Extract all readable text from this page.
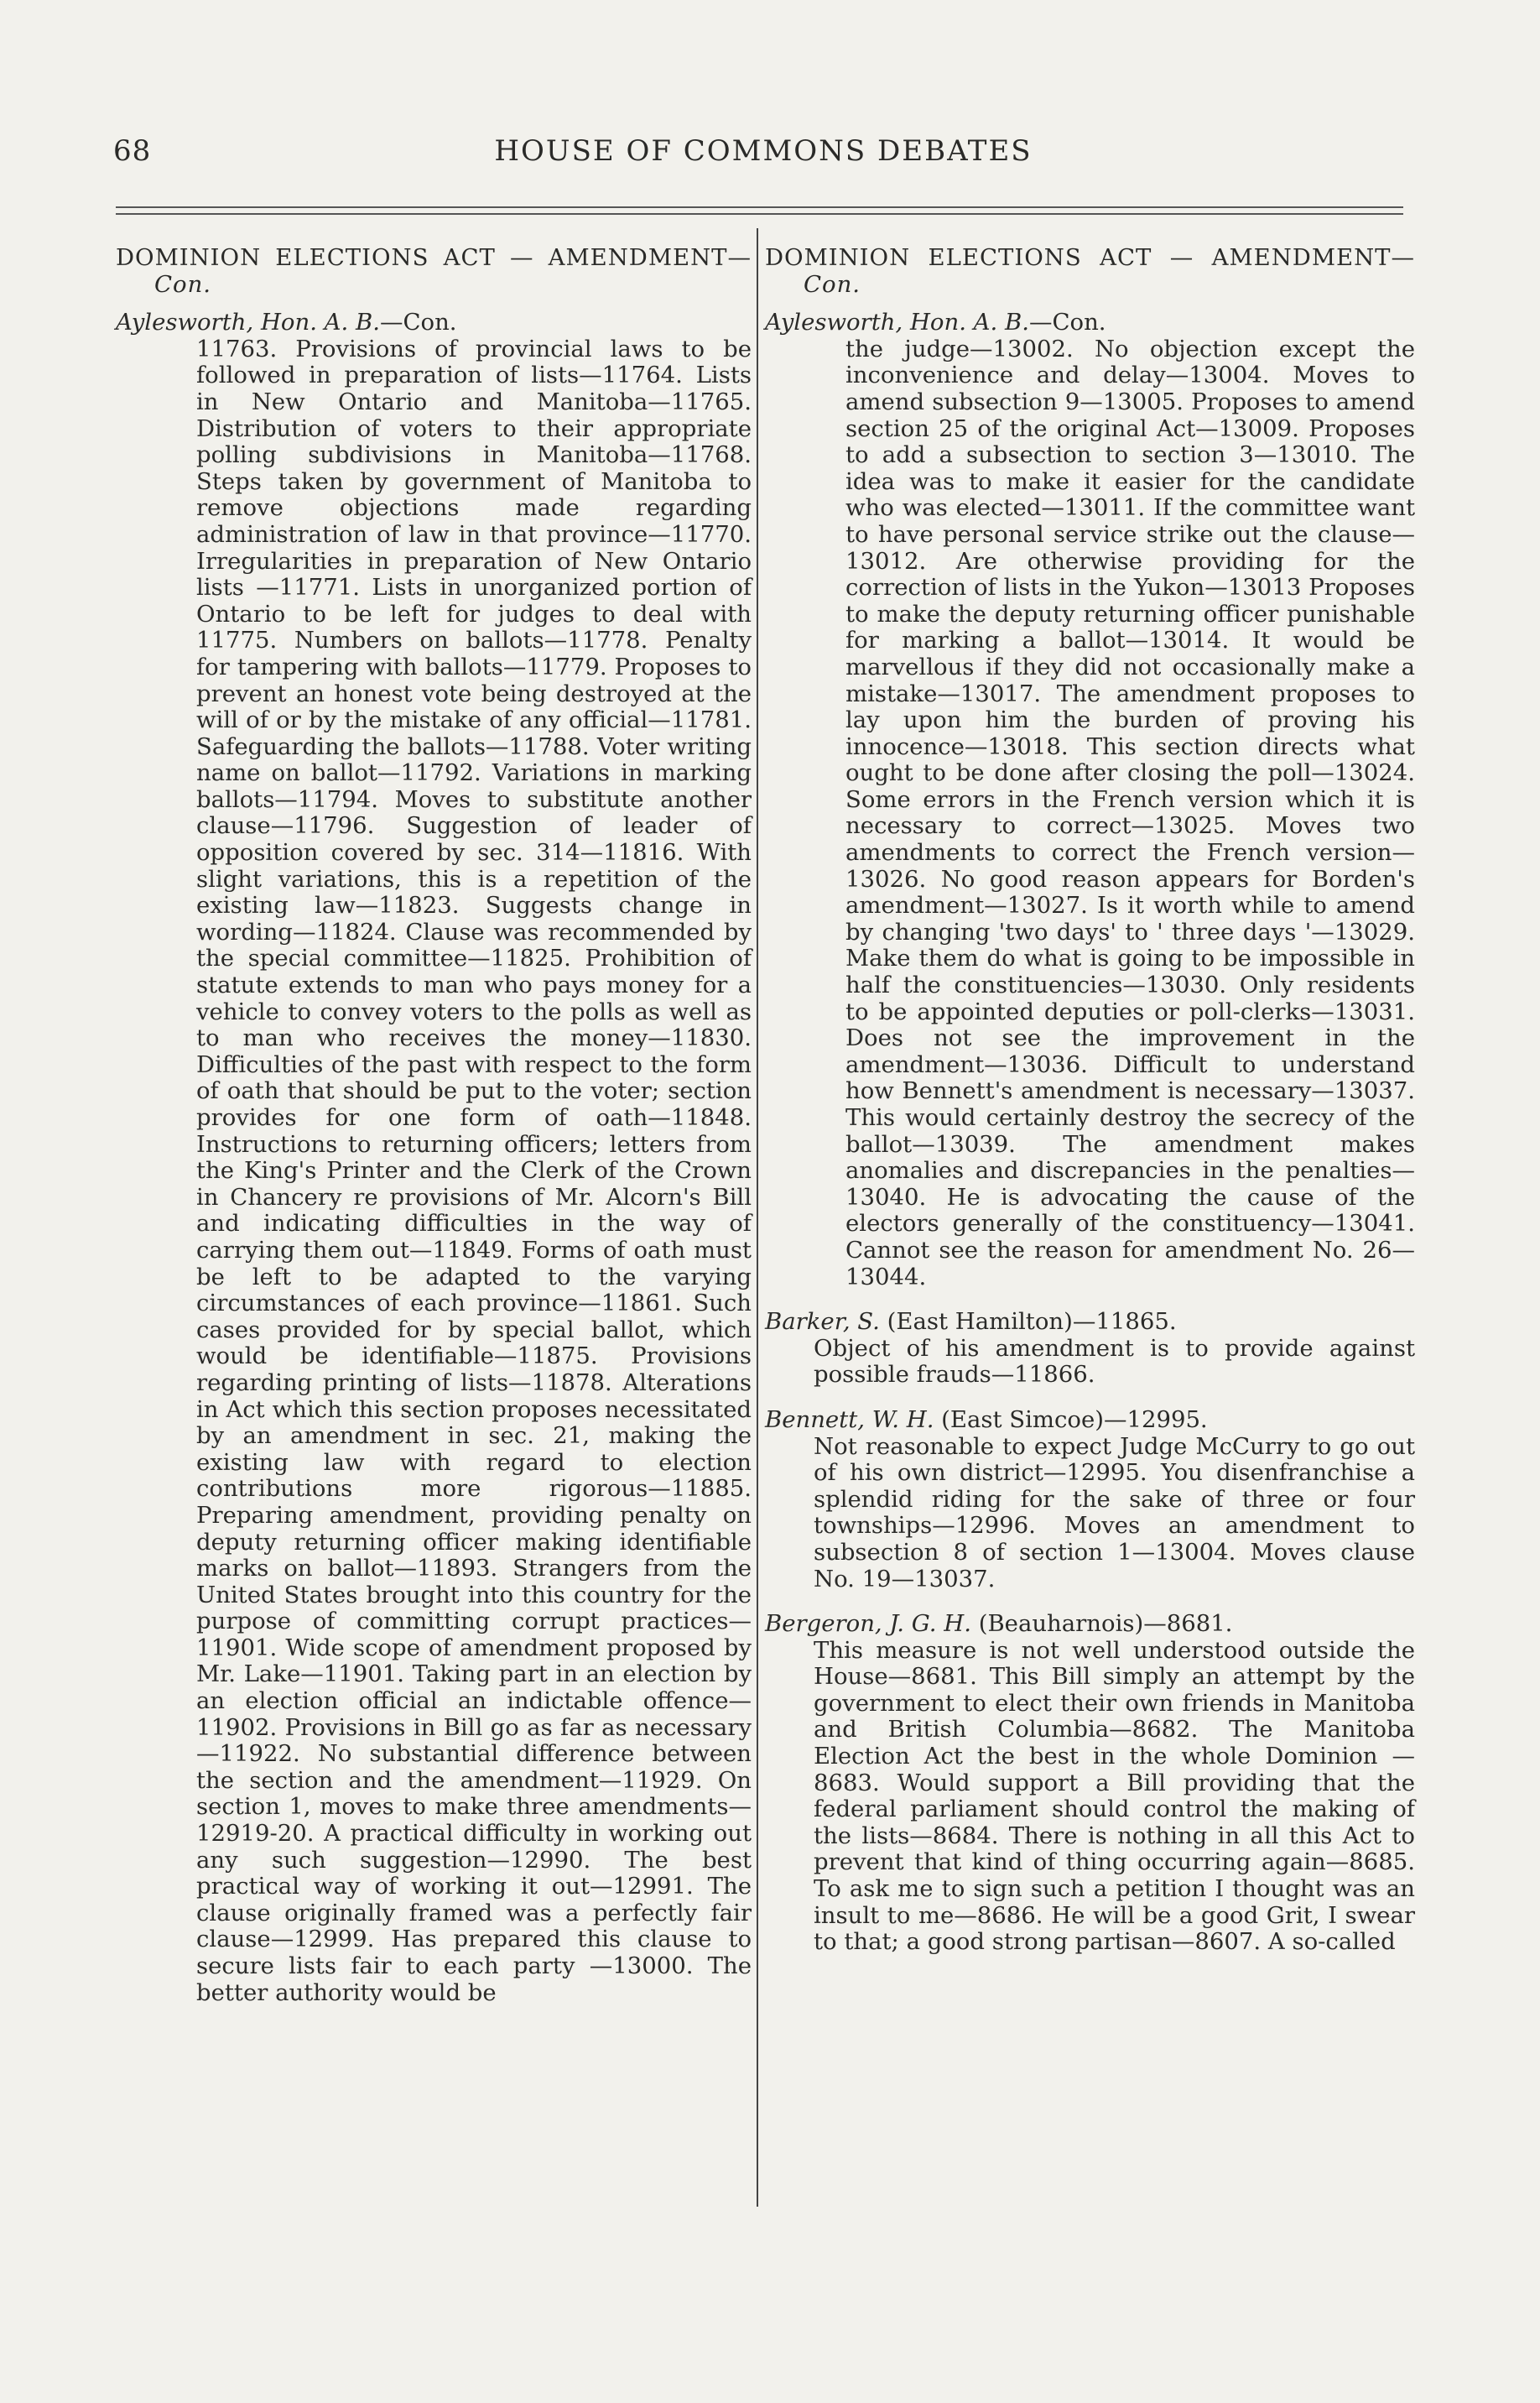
68	HOUSE OF COMMONS DEBATES

DOMINION ELECTIONS ACT — AMENDMENT—Con.

Aylesworth, Hon. A. B.—Con.

11763. Provisions of provincial laws to be followed in preparation of lists—11764. Lists in New Ontario and Manitoba—11765. Distribution of voters to their appropriate polling subdivisions in Manitoba—11768. Steps taken by government of Manitoba to remove objections made regarding administration of law in that province—11770. Irregularities in preparation of New Ontario lists —11771. Lists in unorganized portion of Ontario to be left for judges to deal with 11775. Numbers on ballots—11778. Penalty for tampering with ballots—11779. Proposes to prevent an honest vote being destroyed at the will of or by the mistake of any official—11781. Safeguarding the ballots—11788. Voter writing name on ballot—11792. Variations in marking ballots—11794. Moves to substitute another clause—11796. Suggestion of leader of opposition covered by sec. 314—11816. With slight variations, this is a repetition of the existing law—11823. Suggests change in wording—11824. Clause was recommended by the special committee—11825. Prohibition of statute extends to man who pays money for a vehicle to convey voters to the polls as well as to man who receives the money—11830. Difficulties of the past with respect to the form of oath that should be put to the voter; section provides for one form of oath—11848. Instructions to returning officers; letters from the King's Printer and the Clerk of the Crown in Chancery re provisions of Mr. Alcorn's Bill and indicating difficulties in the way of carrying them out—11849. Forms of oath must be left to be adapted to the varying circumstances of each province—11861. Such cases provided for by special ballot, which would be identifiable—11875. Provisions regarding printing of lists—11878. Alterations in Act which this section proposes necessitated by an amendment in sec. 21, making the existing law with regard to election contributions more rigorous—11885. Preparing amendment, providing penalty on deputy returning officer making identifiable marks on ballot—11893. Strangers from the United States brought into this country for the purpose of committing corrupt practices—11901. Wide scope of amendment proposed by Mr. Lake—11901. Taking part in an election by an election official an indictable offence—11902. Provisions in Bill go as far as necessary—11922. No substantial difference between the section and the amendment—11929. On section 1, moves to make three amendments—12919-20. A practical difficulty in working out any such suggestion—12990. The best practical way of working it out—12991. The clause originally framed was a perfectly fair clause—12999. Has prepared this clause to secure lists fair to each party —13000. The better authority would be

DOMINION ELECTIONS ACT — AMENDMENT—Con.

Aylesworth, Hon. A. B.—Con.

the judge—13002. No objection except the inconvenience and delay—13004. Moves to amend subsection 9—13005. Proposes to amend section 25 of the original Act—13009. Proposes to add a subsection to section 3—13010. The idea was to make it easier for the candidate who was elected—13011. If the committee want to have personal service strike out the clause—13012. Are otherwise providing for the correction of lists in the Yukon—13013 Proposes to make the deputy returning officer punishable for marking a ballot—13014. It would be marvellous if they did not occasionally make a mistake—13017. The amendment proposes to lay upon him the burden of proving his innocence—13018. This section directs what ought to be done after closing the poll—13024. Some errors in the French version which it is necessary to correct—13025. Moves two amendments to correct the French version—13026. No good reason appears for Borden's amendment—13027. Is it worth while to amend by changing 'two days' to ' three days '—13029. Make them do what is going to be impossible in half the constituencies—13030. Only residents to be appointed deputies or poll-clerks—13031. Does not see the improvement in the amendment—13036. Difficult to understand how Bennett's amendment is necessary—13037. This would certainly destroy the secrecy of the ballot—13039. The amendment makes anomalies and discrepancies in the penalties—13040. He is advocating the cause of the electors generally of the constituency—13041. Cannot see the reason for amendment No. 26—13044.

Barker, S. (East Hamilton)—11865.

Object of his amendment is to provide against possible frauds—11866.

Bennett, W. H. (East Simcoe)—12995.

Not reasonable to expect Judge McCurry to go out of his own district—12995. You disenfranchise a splendid riding for the sake of three or four townships—12996. Moves an amendment to subsection 8 of section 1—13004. Moves clause No. 19—13037.

Bergeron, J. G. H. (Beauharnois)—8681.

This measure is not well understood outside the House—8681. This Bill simply an attempt by the government to elect their own friends in Manitoba and British Columbia—8682. The Manitoba Election Act the best in the whole Dominion —8683. Would support a Bill providing that the federal parliament should control the making of the lists—8684. There is nothing in all this Act to prevent that kind of thing occurring again—8685. To ask me to sign such a petition I thought was an insult to me—8686. He will be a good Grit, I swear to that; a good strong partisan—8607. A so-called
